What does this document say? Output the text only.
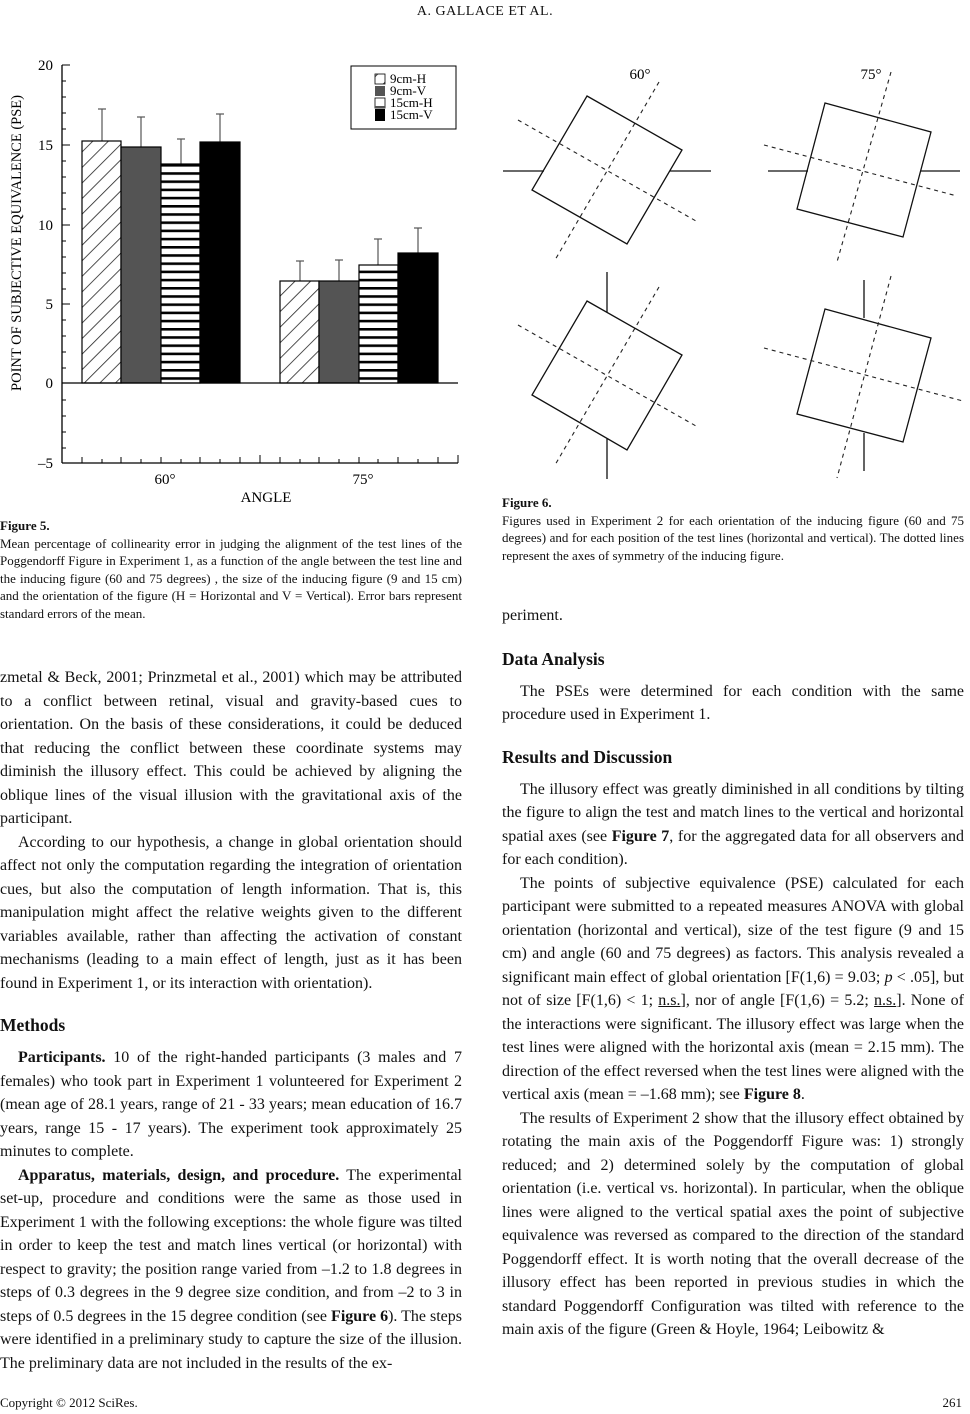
A. GALLACE ET AL.
20
15
10
5
0
–5
POINT OF SUBJECTIVE EQUIVALENCE (PSE)
60°	75°
ANGLE
9cm-H
9cm-V
15cm-H
15cm-V
60°	75°
Figure 5.
Mean percentage of collinearity error in judging the alignment of the test lines of the Poggendorff Figure in Experiment 1, as a function of the angle between the test line and the inducing figure (60 and 75 degrees) , the size of the inducing figure (9 and 15 cm) and the orientation of the figure (H = Horizontal and V = Vertical). Error bars represent standard errors of the mean.
Figure 6.
Figures used in Experiment 2 for each orientation of the inducing figure (60 and 75 degrees) and for each position of the test lines (horizontal and vertical). The dotted lines represent the axes of symmetry of the inducing figure.

zmetal & Beck, 2001; Prinzmetal et al., 2001) which may be attributed to a conflict between retinal, visual and gravity-based cues to orientation. On the basis of these considerations, it could be deduced that reducing the conflict between these coordinate systems may diminish the illusory effect. This could be achieved by aligning the oblique lines of the visual illusion with the gravitational axis of the participant.

According to our hypothesis, a change in global orientation should affect not only the computation regarding the integration of orientation cues, but also the computation of length information. That is, this manipulation might affect the relative weights given to the different variables available, rather than affecting the activation of constant mechanisms (leading to a main effect of length, just as it has been found in Experiment 1, or its interaction with orientation).

Methods

Participants. 10 of the right-handed participants (3 males and 7 females) who took part in Experiment 1 volunteered for Experiment 2 (mean age of 28.1 years, range of 21 - 33 years; mean education of 16.7 years, range 15 - 17 years). The experiment took approximately 25 minutes to complete.

Apparatus, materials, design, and procedure. The experimental set-up, procedure and conditions were the same as those used in Experiment 1 with the following exceptions: the whole figure was tilted in order to keep the test and match lines vertical (or horizontal) with respect to gravity; the position range varied from –1.2 to 1.8 degrees in steps of 0.3 degrees in the 9 degree size condition, and from –2 to 3 in steps of 0.5 degrees in the 15 degree condition (see Figure 6). The steps were identified in a preliminary study to capture the size of the illusion. The preliminary data are not included in the results of the ex-

periment.

Data Analysis

The PSEs were determined for each condition with the same procedure used in Experiment 1.

Results and Discussion

The illusory effect was greatly diminished in all conditions by tilting the figure to align the test and match lines to the vertical and horizontal spatial axes (see Figure 7, for the aggregated data for all observers and for each condition).

The points of subjective equivalence (PSE) calculated for each participant were submitted to a repeated measures ANOVA with global orientation (horizontal and vertical), size of the test figure (9 and 15 cm) and angle (60 and 75 degrees) as factors. This analysis revealed a significant main effect of global orientation [F(1,6) = 9.03; p < .05], but not of size [F(1,6) < 1; n.s.], nor of angle [F(1,6) = 5.2; n.s.]. None of the interactions were significant. The illusory effect was large when the test lines were aligned with the horizontal axis (mean = 2.15 mm). The direction of the effect reversed when the test lines were aligned with the vertical axis (mean = –1.68 mm); see Figure 8.

The results of Experiment 2 show that the illusory effect obtained by rotating the main axis of the Poggendorff Figure was: 1) strongly reduced; and 2) determined solely by the computation of global orientation (i.e. vertical vs. horizontal). In particular, when the oblique lines were aligned to the vertical spatial axes the point of subjective equivalence was reversed as compared to the direction of the standard Poggendorff effect. It is worth noting that the overall decrease of the illusory effect has been reported in previous studies in which the standard Poggendorff Configuration was tilted with reference to the main axis of the figure (Green & Hoyle, 1964; Leibowitz &

Copyright © 2012 SciRes.	261
